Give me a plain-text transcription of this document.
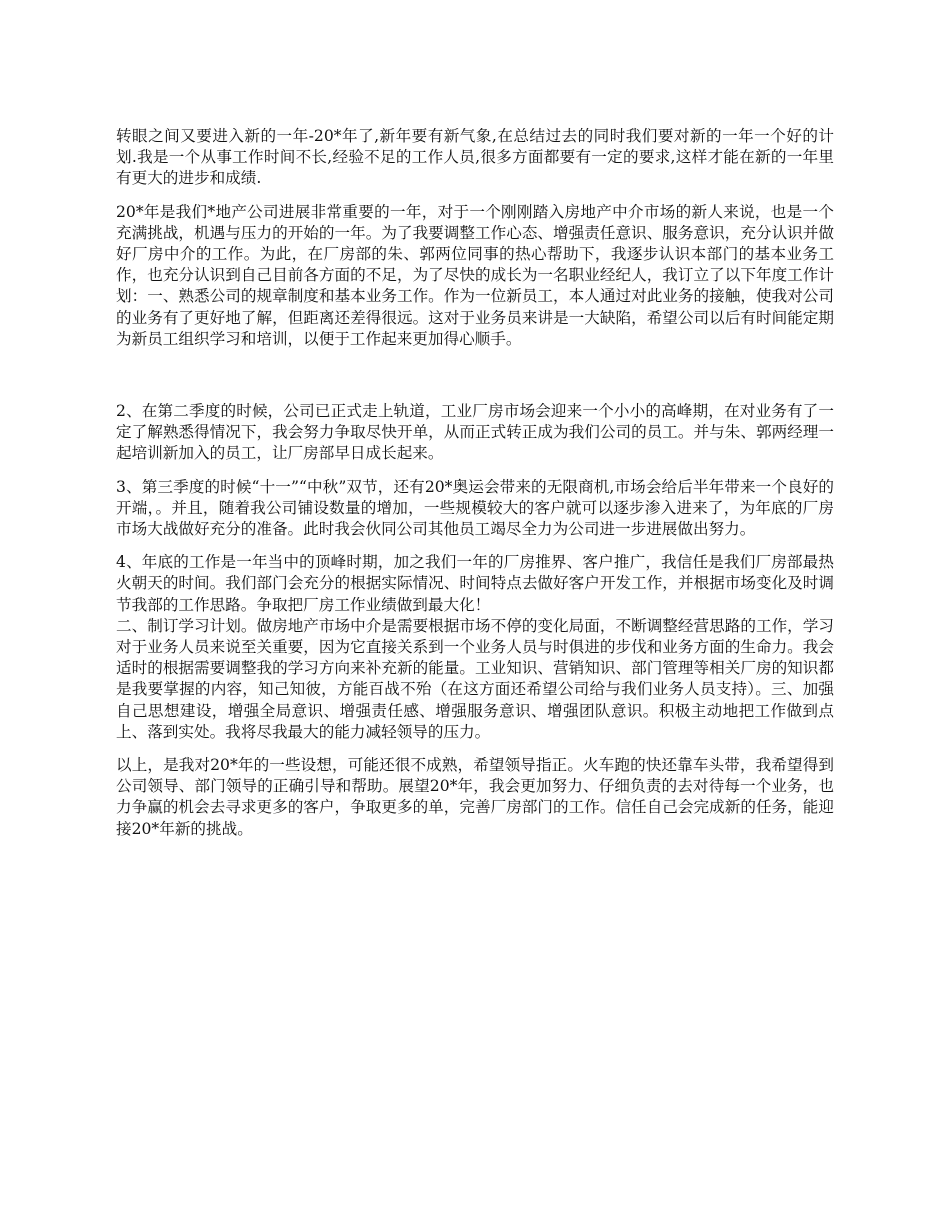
转眼之间又要进入新的一年-20*年了,新年要有新气象,在总结过去的同时我们要对新的一年一个好的计划.我是一个从事工作时间不长,经验不足的工作人员,很多方面都要有一定的要求,这样才能在新的一年里有更大的进步和成绩.

20*年是我们*地产公司进展非常重要的一年，对于一个刚刚踏入房地产中介市场的新人来说，也是一个充满挑战，机遇与压力的开始的一年。为了我要调整工作心态、增强责任意识、服务意识，充分认识并做好厂房中介的工作。为此，在厂房部的朱、郭两位同事的热心帮助下，我逐步认识本部门的基本业务工作，也充分认识到自己目前各方面的不足，为了尽快的成长为一名职业经纪人，我订立了以下年度工作计划：一、熟悉公司的规章制度和基本业务工作。作为一位新员工，本人通过对此业务的接触，使我对公司的业务有了更好地了解，但距离还差得很远。这对于业务员来讲是一大缺陷，希望公司以后有时间能定期为新员工组织学习和培训，以便于工作起来更加得心顺手。

2、在第二季度的时候，公司已正式走上轨道，工业厂房市场会迎来一个小小的高峰期，在对业务有了一定了解熟悉得情况下，我会努力争取尽快开单，从而正式转正成为我们公司的员工。并与朱、郭两经理一起培训新加入的员工，让厂房部早日成长起来。

3、第三季度的时候“十一”“中秋”双节，还有20*奥运会带来的无限商机,市场会给后半年带来一个良好的开端，。并且，随着我公司铺设数量的增加，一些规模较大的客户就可以逐步渗入进来了，为年底的厂房市场大战做好充分的准备。此时我会伙同公司其他员工竭尽全力为公司进一步进展做出努力。

4、年底的工作是一年当中的顶峰时期，加之我们一年的厂房推界、客户推广，我信任是我们厂房部最热火朝天的时间。我们部门会充分的根据实际情况、时间特点去做好客户开发工作，并根据市场变化及时调节我部的工作思路。争取把厂房工作业绩做到最大化！
二、制订学习计划。做房地产市场中介是需要根据市场不停的变化局面，不断调整经营思路的工作，学习对于业务人员来说至关重要，因为它直接关系到一个业务人员与时俱进的步伐和业务方面的生命力。我会适时的根据需要调整我的学习方向来补充新的能量。工业知识、营销知识、部门管理等相关厂房的知识都是我要掌握的内容，知己知彼，方能百战不殆（在这方面还希望公司给与我们业务人员支持）。三、加强自己思想建设，增强全局意识、增强责任感、增强服务意识、增强团队意识。积极主动地把工作做到点上、落到实处。我将尽我最大的能力减轻领导的压力。

以上，是我对20*年的一些设想，可能还很不成熟，希望领导指正。火车跑的快还靠车头带，我希望得到公司领导、部门领导的正确引导和帮助。展望20*年，我会更加努力、仔细负责的去对待每一个业务，也力争赢的机会去寻求更多的客户，争取更多的单，完善厂房部门的工作。信任自己会完成新的任务，能迎接20*年新的挑战。
